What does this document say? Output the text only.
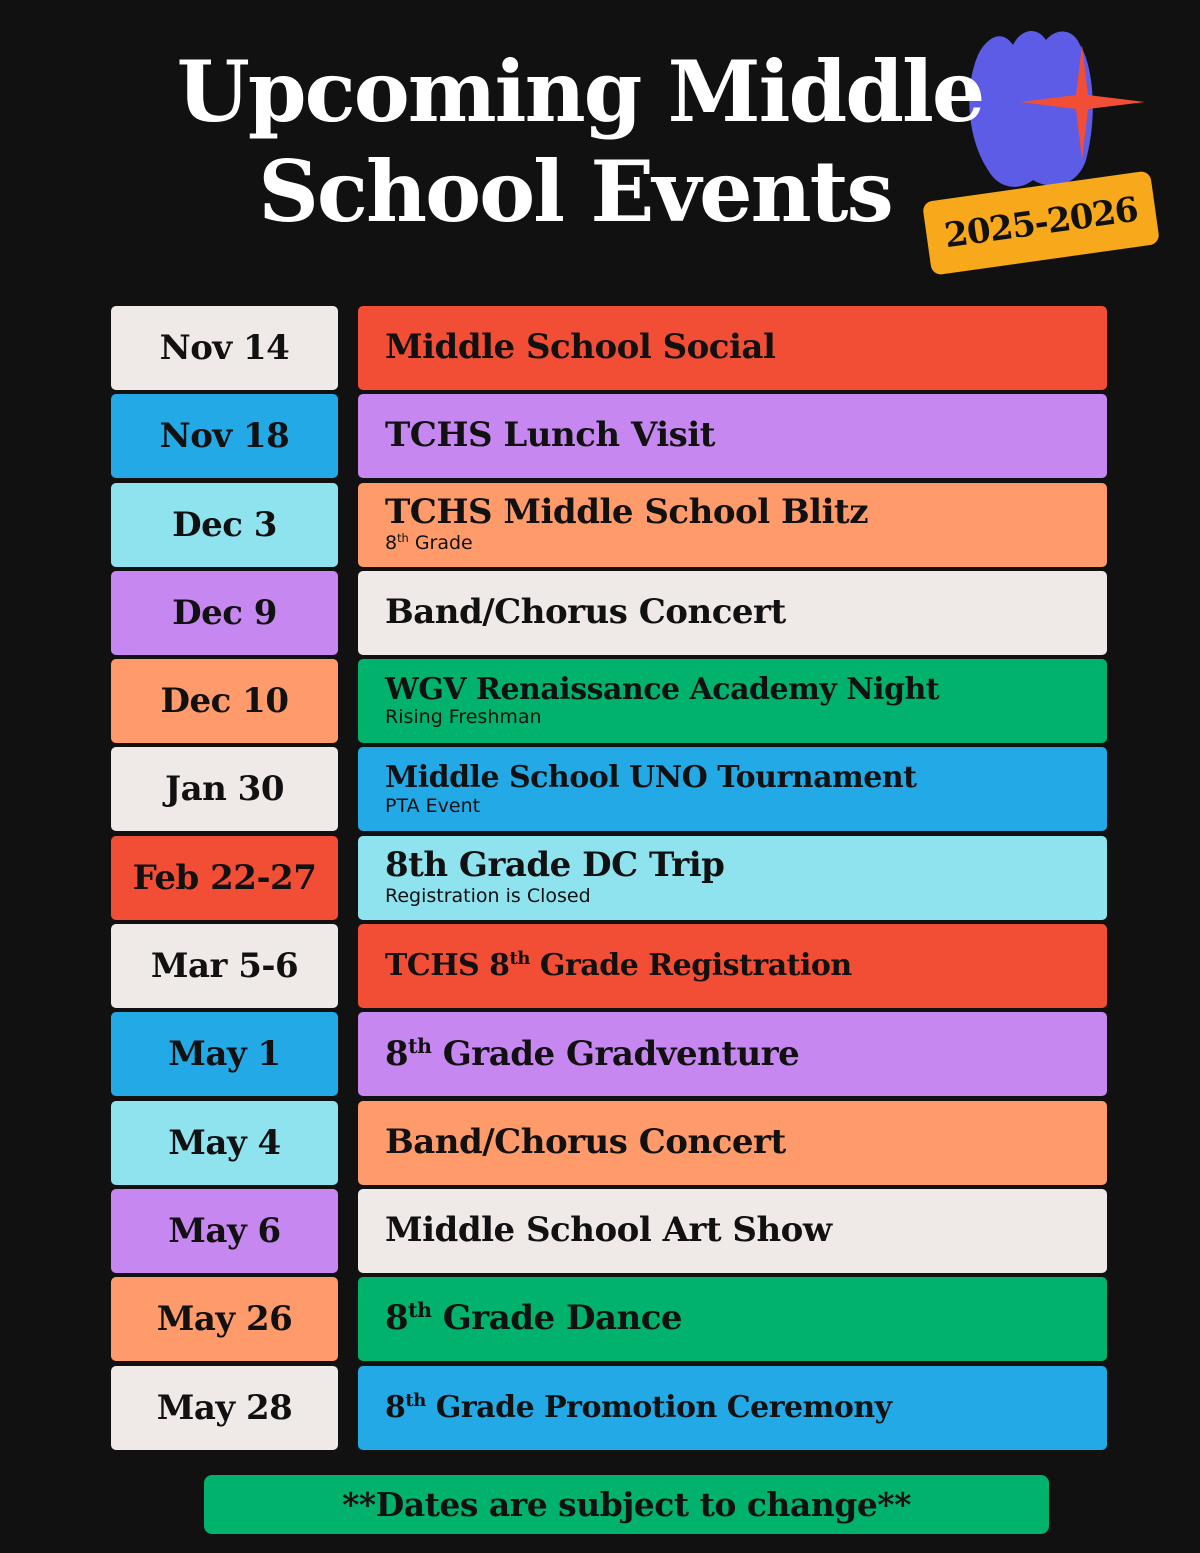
Upcoming Middle
School Events	2025-2026
Nov 14	Middle School Social
Nov 18	TCHS Lunch Visit
Dec 3	TCHS Middle School Blitz
8th Grade
Dec 9	Band/Chorus Concert
Dec 10	WGV Renaissance Academy Night
Rising Freshman
Jan 30	Middle School UNO Tournament
PTA Event
Feb 22-27	8th Grade DC Trip
Registration is Closed
Mar 5-6	TCHS 8th Grade Registration
May 1	8th Grade Gradventure
May 4	Band/Chorus Concert
May 6	Middle School Art Show
May 26	8th Grade Dance
May 28	8th Grade Promotion Ceremony
**Dates are subject to change**
